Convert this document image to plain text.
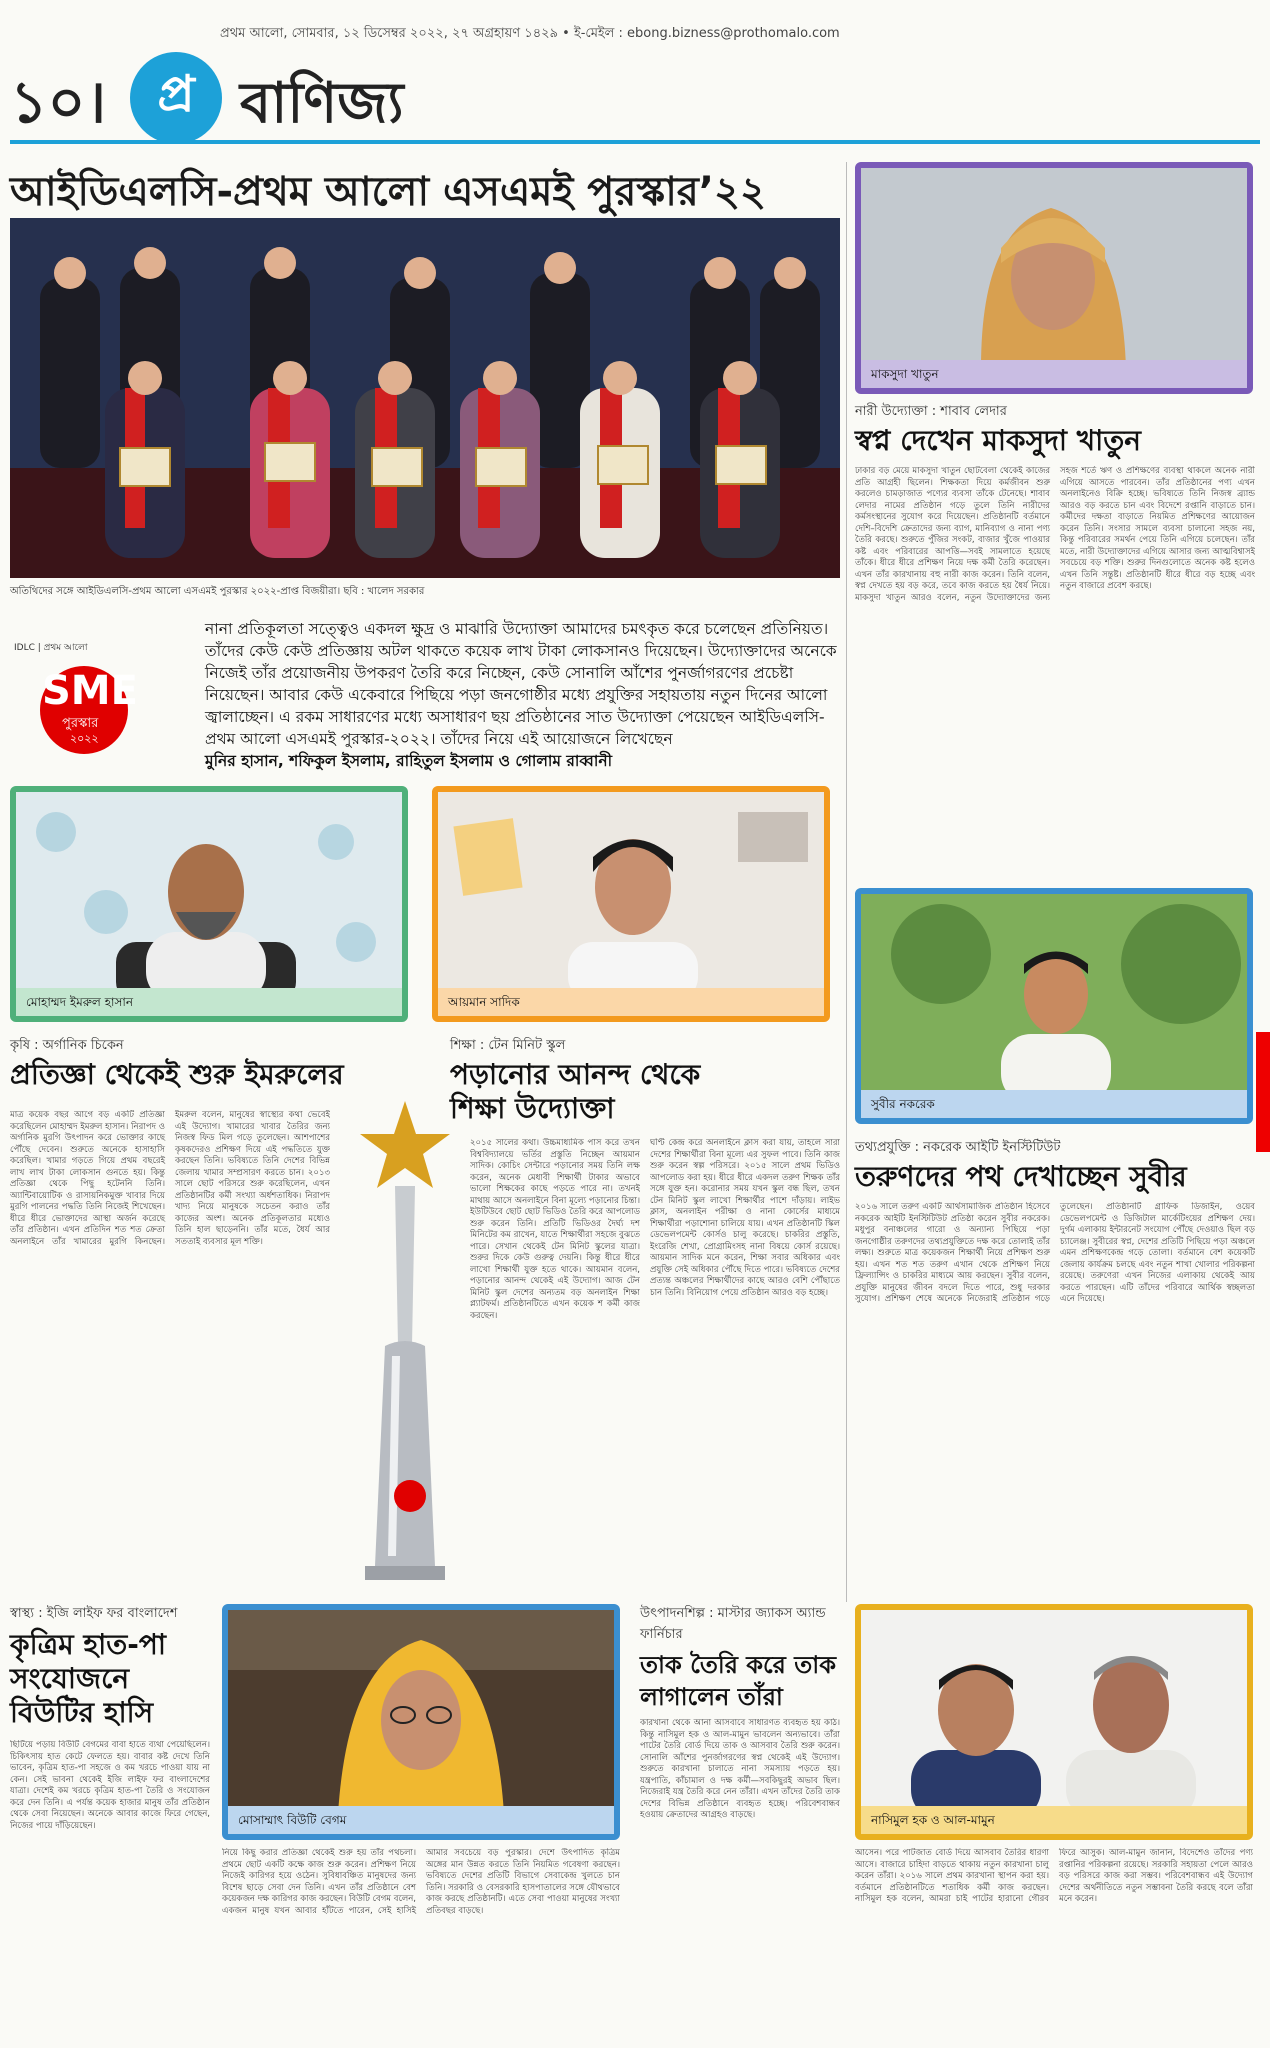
প্রথম আলো, সোমবার, ১২ ডিসেম্বর ২০২২, ২৭ অগ্রহায়ণ ১৪২৯ • ই-মেইল : ebong.bizness@prothomalo.com
১০। প্র বাণিজ্য
আইডিএলসি-প্রথম আলো এসএমই পুরস্কার’২২
অতিথিদের সঙ্গে আইডিএলসি-প্রথম আলো এসএমই পুরস্কার ২০২২-প্রাপ্ত বিজয়ীরা। ছবি : খালেদ সরকার
IDLC | প্রথম আলো
SME
পুরস্কার
২০২২
নানা প্রতিকূলতা সত্ত্বেও একদল ক্ষুদ্র ও মাঝারি উদ্যোক্তা আমাদের চমৎকৃত করে চলেছেন প্রতিনিয়ত। তাঁদের কেউ কেউ প্রতিজ্ঞায় অটল থাকতে কয়েক লাখ টাকা লোকসানও দিয়েছেন। উদ্যোক্তাদের অনেকে নিজেই তাঁর প্রয়োজনীয় উপকরণ তৈরি করে নিচ্ছেন, কেউ সোনালি আঁশের পুনর্জাগরণের প্রচেষ্টা নিয়েছেন। আবার কেউ একেবারে পিছিয়ে পড়া জনগোষ্ঠীর মধ্যে প্রযুক্তির সহায়তায় নতুন দিনের আলো জ্বালাচ্ছেন। এ রকম সাধারণের মধ্যে অসাধারণ ছয় প্রতিষ্ঠানের সাত উদ্যোক্তা পেয়েছেন আইডিএলসি-প্রথম আলো এসএমই পুরস্কার-২০২২। তাঁদের নিয়ে এই আয়োজনে লিখেছেন
মুনির হাসান, শফিকুল ইসলাম, রাহিতুল ইসলাম ও গোলাম রাব্বানী
মাকসুদা খাতুন
নারী উদ্যোক্তা : শাবাব লেদার
স্বপ্ন দেখেন মাকসুদা খাতুন
ঢাকার বড় মেয়ে মাকসুদা খাতুন ছোটবেলা থেকেই কাজের প্রতি আগ্রহী ছিলেন। শিক্ষকতা দিয়ে কর্মজীবন শুরু করলেও চামড়াজাত পণ্যের ব্যবসা তাঁকে টেনেছে। শাবাব লেদার নামের প্রতিষ্ঠান গড়ে তুলে তিনি নারীদের কর্মসংস্থানের সুযোগ করে দিয়েছেন। প্রতিষ্ঠানটি বর্তমানে দেশি–বিদেশি ক্রেতাদের জন্য ব্যাগ, মানিব্যাগ ও নানা পণ্য তৈরি করছে। শুরুতে পুঁজির সংকট, বাজার খুঁজে পাওয়ার কষ্ট এবং পরিবারের আপত্তি—সবই সামলাতে হয়েছে তাঁকে। ধীরে ধীরে প্রশিক্ষণ নিয়ে দক্ষ কর্মী তৈরি করেছেন। এখন তাঁর কারখানায় বহু নারী কাজ করেন। তিনি বলেন, স্বপ্ন দেখতে হয় বড় করে, তবে কাজ করতে হয় ধৈর্য নিয়ে। মাকসুদা খাতুন আরও বলেন, নতুন উদ্যোক্তাদের জন্য সহজ শর্তে ঋণ ও প্রশিক্ষণের ব্যবস্থা থাকলে অনেক নারী এগিয়ে আসতে পারবেন। তাঁর প্রতিষ্ঠানের পণ্য এখন অনলাইনেও বিক্রি হচ্ছে। ভবিষ্যতে তিনি নিজস্ব ব্র্যান্ড আরও বড় করতে চান এবং বিদেশে রপ্তানি বাড়াতে চান। কর্মীদের দক্ষতা বাড়াতে নিয়মিত প্রশিক্ষণের আয়োজন করেন তিনি। সংসার সামলে ব্যবসা চালানো সহজ নয়, কিন্তু পরিবারের সমর্থন পেয়ে তিনি এগিয়ে চলেছেন। তাঁর মতে, নারী উদ্যোক্তাদের এগিয়ে আসার জন্য আত্মবিশ্বাসই সবচেয়ে বড় শক্তি। শুরুর দিনগুলোতে অনেক কষ্ট হলেও এখন তিনি সন্তুষ্ট। প্রতিষ্ঠানটি ধীরে ধীরে বড় হচ্ছে এবং নতুন বাজারে প্রবেশ করছে।
সুবীর নকরেক
তথ্যপ্রযুক্তি : নকরেক আইটি ইনস্টিটিউট
তরুণদের পথ দেখাচ্ছেন সুবীর
২০১৬ সালে তরুণ একটি আর্থসামাজিক প্রতিষ্ঠান হিসেবে নকরেক আইটি ইনস্টিটিউট প্রতিষ্ঠা করেন সুবীর নকরেক। মধুপুর বনাঞ্চলের গারো ও অন্যান্য পিছিয়ে পড়া জনগোষ্ঠীর তরুণদের তথ্যপ্রযুক্তিতে দক্ষ করে তোলাই তাঁর লক্ষ্য। শুরুতে মাত্র কয়েকজন শিক্ষার্থী নিয়ে প্রশিক্ষণ শুরু হয়। এখন শত শত তরুণ এখান থেকে প্রশিক্ষণ নিয়ে ফ্রিল্যান্সিং ও চাকরির মাধ্যমে আয় করছেন। সুবীর বলেন, প্রযুক্তি মানুষের জীবন বদলে দিতে পারে, শুধু দরকার সুযোগ। প্রশিক্ষণ শেষে অনেকে নিজেরাই প্রতিষ্ঠান গড়ে তুলেছেন। প্রতিষ্ঠানটি গ্রাফিক ডিজাইন, ওয়েব ডেভেলপমেন্ট ও ডিজিটাল মার্কেটিংয়ের প্রশিক্ষণ দেয়। দুর্গম এলাকায় ইন্টারনেট সংযোগ পৌঁছে দেওয়াও ছিল বড় চ্যালেঞ্জ। সুবীরের স্বপ্ন, দেশের প্রতিটি পিছিয়ে পড়া অঞ্চলে এমন প্রশিক্ষণকেন্দ্র গড়ে তোলা। বর্তমানে বেশ কয়েকটি জেলায় কার্যক্রম চলছে এবং নতুন শাখা খোলার পরিকল্পনা রয়েছে। তরুণেরা এখন নিজের এলাকায় থেকেই আয় করতে পারছেন। এটি তাঁদের পরিবারে আর্থিক স্বচ্ছলতা এনে দিয়েছে।
মোহাম্মদ ইমরুল হাসান
কৃষি : অর্গানিক চিকেন
প্রতিজ্ঞা থেকেই শুরু ইমরুলের
মাত্র কয়েক বছর আগে বড় একটি প্রতিজ্ঞা করেছিলেন মোহাম্মদ ইমরুল হাসান। নিরাপদ ও অর্গানিক মুরগি উৎপাদন করে ভোক্তার কাছে পৌঁছে দেবেন। শুরুতে অনেকে হাসাহাসি করেছিল। খামার গড়তে গিয়ে প্রথম বছরেই লাখ লাখ টাকা লোকসান গুনতে হয়। কিন্তু প্রতিজ্ঞা থেকে পিছু হটেননি তিনি। অ্যান্টিবায়োটিক ও রাসায়নিকমুক্ত খাবার দিয়ে মুরগি পালনের পদ্ধতি তিনি নিজেই শিখেছেন। ধীরে ধীরে ভোক্তাদের আস্থা অর্জন করেছে তাঁর প্রতিষ্ঠান। এখন প্রতিদিন শত শত ক্রেতা অনলাইনে তাঁর খামারের মুরগি কিনছেন। ইমরুল বলেন, মানুষের স্বাস্থ্যের কথা ভেবেই এই উদ্যোগ। খামারের খাবার তৈরির জন্য নিজস্ব ফিড মিল গড়ে তুলেছেন। আশপাশের কৃষকদেরও প্রশিক্ষণ দিয়ে এই পদ্ধতিতে যুক্ত করছেন তিনি। ভবিষ্যতে তিনি দেশের বিভিন্ন জেলায় খামার সম্প্রসারণ করতে চান। ২০১৩ সালে ছোট পরিসরে শুরু করেছিলেন, এখন প্রতিষ্ঠানটির কর্মী সংখ্যা অর্ধশতাধিক। নিরাপদ খাদ্য নিয়ে মানুষকে সচেতন করাও তাঁর কাজের অংশ। অনেক প্রতিকূলতার মধ্যেও তিনি হাল ছাড়েননি। তাঁর মতে, ধৈর্য আর সততাই ব্যবসার মূল শক্তি।
আয়মান সাদিক
শিক্ষা : টেন মিনিট স্কুল
পড়ানোর আনন্দ থেকে
শিক্ষা উদ্যোক্তা
২০১৫ সালের কথা। উচ্চমাধ্যমিক পাস করে তখন বিশ্ববিদ্যালয়ে ভর্তির প্রস্তুতি নিচ্ছেন আয়মান সাদিক। কোচিং সেন্টারে পড়ানোর সময় তিনি লক্ষ করেন, অনেক মেধাবী শিক্ষার্থী টাকার অভাবে ভালো শিক্ষকের কাছে পড়তে পারে না। তখনই মাথায় আসে অনলাইনে বিনা মূল্যে পড়ানোর চিন্তা। ইউটিউবে ছোট ছোট ভিডিও তৈরি করে আপলোড শুরু করেন তিনি। প্রতিটি ভিডিওর দৈর্ঘ্য দশ মিনিটের কম রাখেন, যাতে শিক্ষার্থীরা সহজে বুঝতে পারে। সেখান থেকেই টেন মিনিট স্কুলের যাত্রা। শুরুর দিকে কেউ গুরুত্ব দেয়নি। কিন্তু ধীরে ধীরে লাখো শিক্ষার্থী যুক্ত হতে থাকে। আয়মান বলেন, পড়ানোর আনন্দ থেকেই এই উদ্যোগ। আজ টেন মিনিট স্কুল দেশের অন্যতম বড় অনলাইন শিক্ষা প্ল্যাটফর্ম। প্রতিষ্ঠানটিতে এখন কয়েক শ কর্মী কাজ করছেন।
ঘণ্টি কেন্দ্র করে অনলাইনে ক্লাস করা যায়, তাহলে সারা দেশের শিক্ষার্থীরা বিনা মূল্যে এর সুফল পাবে। তিনি কাজ শুরু করেন স্বল্প পরিসরে। ২০১৫ সালে প্রথম ভিডিও আপলোড করা হয়। ধীরে ধীরে একদল তরুণ শিক্ষক তাঁর সঙ্গে যুক্ত হন। করোনার সময় যখন স্কুল বন্ধ ছিল, তখন টেন মিনিট স্কুল লাখো শিক্ষার্থীর পাশে দাঁড়ায়। লাইভ ক্লাস, অনলাইন পরীক্ষা ও নানা কোর্সের মাধ্যমে শিক্ষার্থীরা পড়াশোনা চালিয়ে যায়। এখন প্রতিষ্ঠানটি স্কিল ডেভেলপমেন্ট কোর্সও চালু করেছে। চাকরির প্রস্তুতি, ইংরেজি শেখা, প্রোগ্রামিংসহ নানা বিষয়ে কোর্স রয়েছে। আয়মান সাদিক মনে করেন, শিক্ষা সবার অধিকার এবং প্রযুক্তি সেই অধিকার পৌঁছে দিতে পারে। ভবিষ্যতে দেশের প্রত্যন্ত অঞ্চলের শিক্ষার্থীদের কাছে আরও বেশি পৌঁছাতে চান তিনি। বিনিয়োগ পেয়ে প্রতিষ্ঠান আরও বড় হচ্ছে।
স্বাস্থ্য : ইজি লাইফ ফর বাংলাদেশ
কৃত্রিম হাত-পা
সংযোজনে
বিউটির হাসি
মোসাম্মাৎ বিউটি বেগম
ছিটিয়ে পড়ায় বিউটি বেগমের বাবা হাতে ব্যথা পেয়েছিলেন। চিকিৎসায় হাত কেটে ফেলতে হয়। বাবার কষ্ট দেখে তিনি ভাবেন, কৃত্রিম হাত-পা সহজে ও কম খরচে পাওয়া যায় না কেন। সেই ভাবনা থেকেই ইজি লাইফ ফর বাংলাদেশের যাত্রা। দেশেই কম খরচে কৃত্রিম হাত-পা তৈরি ও সংযোজন করে দেন তিনি। এ পর্যন্ত কয়েক হাজার মানুষ তাঁর প্রতিষ্ঠান থেকে সেবা নিয়েছেন। অনেকে আবার কাজে ফিরে গেছেন, নিজের পায়ে দাঁড়িয়েছেন।
নিয়ে কিছু করার প্রতিজ্ঞা থেকেই শুরু হয় তাঁর পথচলা। প্রথমে ছোট একটি কক্ষে কাজ শুরু করেন। প্রশিক্ষণ নিয়ে নিজেই কারিগর হয়ে ওঠেন। সুবিধাবঞ্চিত মানুষদের জন্য বিশেষ ছাড়ে সেবা দেন তিনি। এখন তাঁর প্রতিষ্ঠানে বেশ কয়েকজন দক্ষ কারিগর কাজ করছেন। বিউটি বেগম বলেন, একজন মানুষ যখন আবার হাঁটতে পারেন, সেই হাসিই আমার সবচেয়ে বড় পুরস্কার। দেশে উৎপাদিত কৃত্রিম অঙ্গের মান উন্নত করতে তিনি নিয়মিত গবেষণা করছেন। ভবিষ্যতে দেশের প্রতিটি বিভাগে সেবাকেন্দ্র খুলতে চান তিনি। সরকারি ও বেসরকারি হাসপাতালের সঙ্গে যৌথভাবে কাজ করছে প্রতিষ্ঠানটি। এতে সেবা পাওয়া মানুষের সংখ্যা প্রতিবছর বাড়ছে।
উৎপাদনশিল্প : মাস্টার জ্যাকস অ্যান্ড ফার্নিচার
তাক তৈরি করে তাক
লাগালেন তাঁরা
কারখানা থেকে আনা আসবাবে সাধারণত ব্যবহৃত হয় কাঠ। কিন্তু নাসিমুল হক ও আল-মামুন ভাবলেন অন্যভাবে। তাঁরা পাটের তৈরি বোর্ড দিয়ে তাক ও আসবাব তৈরি শুরু করেন। সোনালি আঁশের পুনর্জাগরণের স্বপ্ন থেকেই এই উদ্যোগ। শুরুতে কারখানা চালাতে নানা সমস্যায় পড়তে হয়। যন্ত্রপাতি, কাঁচামাল ও দক্ষ কর্মী—সবকিছুরই অভাব ছিল। নিজেরাই যন্ত্র তৈরি করে নেন তাঁরা। এখন তাঁদের তৈরি তাক দেশের বিভিন্ন প্রতিষ্ঠানে ব্যবহৃত হচ্ছে। পরিবেশবান্ধব হওয়ায় ক্রেতাদের আগ্রহও বাড়ছে।	নাসিমুল হক ও আল-মামুন
আসেন। পরে পাটজাত বোর্ড দিয়ে আসবাব তৈরির ধারণা আসে। বাজারে চাহিদা বাড়তে থাকায় নতুন কারখানা চালু করেন তাঁরা। ২০১৬ সালে প্রথম কারখানা স্থাপন করা হয়। বর্তমানে প্রতিষ্ঠানটিতে শতাধিক কর্মী কাজ করছেন। নাসিমুল হক বলেন, আমরা চাই পাটের হারানো গৌরব ফিরে আসুক। আল-মামুন জানান, বিদেশেও তাঁদের পণ্য রপ্তানির পরিকল্পনা রয়েছে। সরকারি সহায়তা পেলে আরও বড় পরিসরে কাজ করা সম্ভব। পরিবেশবান্ধব এই উদ্যোগ দেশের অর্থনীতিতে নতুন সম্ভাবনা তৈরি করছে বলে তাঁরা মনে করেন।
